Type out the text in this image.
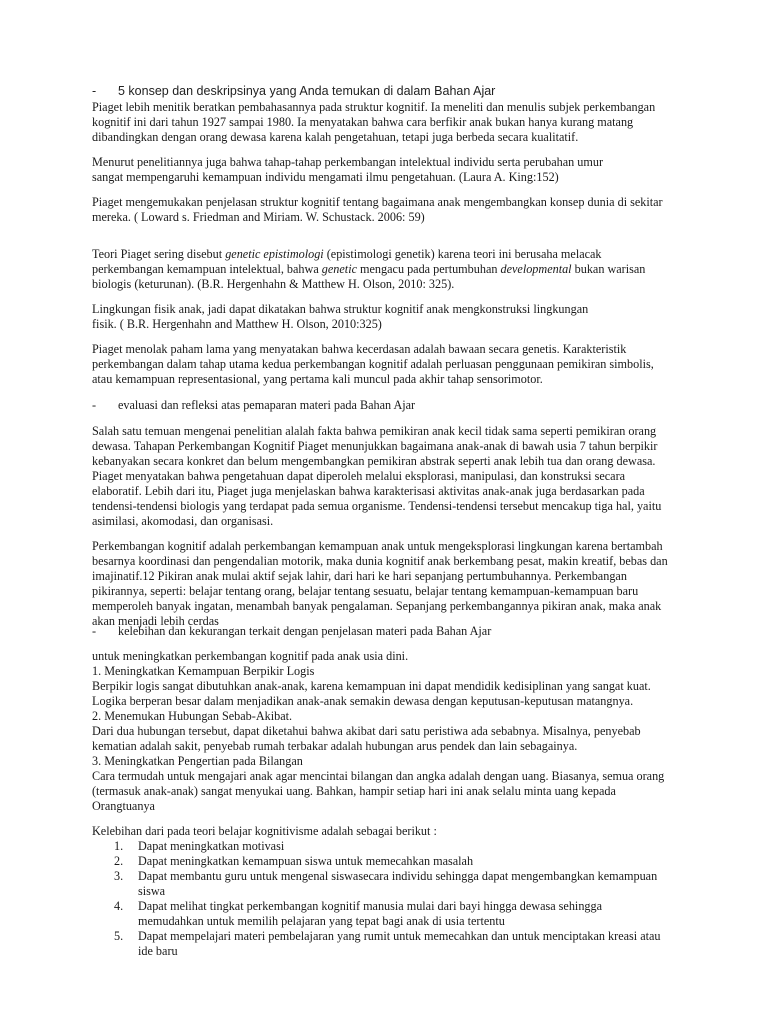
- 5 konsep dan deskripsinya yang Anda temukan di dalam Bahan Ajar
Piaget lebih menitik beratkan pembahasannya pada struktur kognitif. Ia meneliti dan menulis subjek perkembangan
kognitif ini dari tahun 1927 sampai 1980. Ia menyatakan bahwa cara berfikir anak bukan hanya kurang matang
dibandingkan dengan orang dewasa karena kalah pengetahuan, tetapi juga berbeda secara kualitatif.
Menurut penelitiannya juga bahwa tahap-tahap perkembangan intelektual individu serta perubahan umur
sangat mempengaruhi kemampuan individu mengamati ilmu pengetahuan. (Laura A. King:152)
Piaget mengemukakan penjelasan struktur kognitif tentang bagaimana anak mengembangkan konsep dunia di sekitar
mereka. ( Loward s. Friedman and Miriam. W. Schustack. 2006: 59)
Teori Piaget sering disebut genetic epistimologi (epistimologi genetik) karena teori ini berusaha melacak
perkembangan kemampuan intelektual, bahwa genetic mengacu pada pertumbuhan developmental bukan warisan
biologis (keturunan). (B.R. Hergenhahn & Matthew H. Olson, 2010: 325).
Lingkungan fisik anak, jadi dapat dikatakan bahwa struktur kognitif anak mengkonstruksi lingkungan
fisik. ( B.R. Hergenhahn and Matthew H. Olson, 2010:325)
Piaget menolak paham lama yang menyatakan bahwa kecerdasan adalah bawaan secara genetis. Karakteristik
perkembangan dalam tahap utama kedua perkembangan kognitif adalah perluasan penggunaan pemikiran simbolis,
atau kemampuan representasional, yang pertama kali muncul pada akhir tahap sensorimotor.
- evaluasi dan refleksi atas pemaparan materi pada Bahan Ajar
Salah satu temuan mengenai penelitian alalah fakta bahwa pemikiran anak kecil tidak sama seperti pemikiran orang
dewasa. Tahapan Perkembangan Kognitif Piaget menunjukkan bagaimana anak-anak di bawah usia 7 tahun berpikir
kebanyakan secara konkret dan belum mengembangkan pemikiran abstrak seperti anak lebih tua dan orang dewasa.
Piaget menyatakan bahwa pengetahuan dapat diperoleh melalui eksplorasi, manipulasi, dan konstruksi secara
elaboratif. Lebih dari itu, Piaget juga menjelaskan bahwa karakterisasi aktivitas anak-anak juga berdasarkan pada
tendensi-tendensi biologis yang terdapat pada semua organisme. Tendensi-tendensi tersebut mencakup tiga hal, yaitu
asimilasi, akomodasi, dan organisasi.
Perkembangan kognitif adalah perkembangan kemampuan anak untuk mengeksplorasi lingkungan karena bertambah
besarnya koordinasi dan pengendalian motorik, maka dunia kognitif anak berkembang pesat, makin kreatif, bebas dan
imajinatif.12 Pikiran anak mulai aktif sejak lahir, dari hari ke hari sepanjang pertumbuhannya. Perkembangan
pikirannya, seperti: belajar tentang orang, belajar tentang sesuatu, belajar tentang kemampuan-kemampuan baru
memperoleh banyak ingatan, menambah banyak pengalaman. Sepanjang perkembangannya pikiran anak, maka anak
akan menjadi lebih cerdas
- kelebihan dan kekurangan terkait dengan penjelasan materi pada Bahan Ajar
untuk meningkatkan perkembangan kognitif pada anak usia dini.
1. Meningkatkan Kemampuan Berpikir Logis
Berpikir logis sangat dibutuhkan anak-anak, karena kemampuan ini dapat mendidik kedisiplinan yang sangat kuat.
Logika berperan besar dalam menjadikan anak-anak semakin dewasa dengan keputusan-keputusan matangnya.
2. Menemukan Hubungan Sebab-Akibat.
Dari dua hubungan tersebut, dapat diketahui bahwa akibat dari satu peristiwa ada sebabnya. Misalnya, penyebab
kematian adalah sakit, penyebab rumah terbakar adalah hubungan arus pendek dan lain sebagainya.
3. Meningkatkan Pengertian pada Bilangan
Cara termudah untuk mengajari anak agar mencintai bilangan dan angka adalah dengan uang. Biasanya, semua orang
(termasuk anak-anak) sangat menyukai uang. Bahkan, hampir setiap hari ini anak selalu minta uang kepada
Orangtuanya
Kelebihan dari pada teori belajar kognitivisme adalah sebagai berikut :
1. Dapat meningkatkan motivasi
2. Dapat meningkatkan kemampuan siswa untuk memecahkan masalah
3. Dapat membantu guru untuk mengenal siswasecara individu sehingga dapat mengembangkan kemampuan
siswa
4. Dapat melihat tingkat perkembangan kognitif manusia mulai dari bayi hingga dewasa sehingga
memudahkan untuk memilih pelajaran yang tepat bagi anak di usia tertentu
5. Dapat mempelajari materi pembelajaran yang rumit untuk memecahkan dan untuk menciptakan kreasi atau
ide baru
